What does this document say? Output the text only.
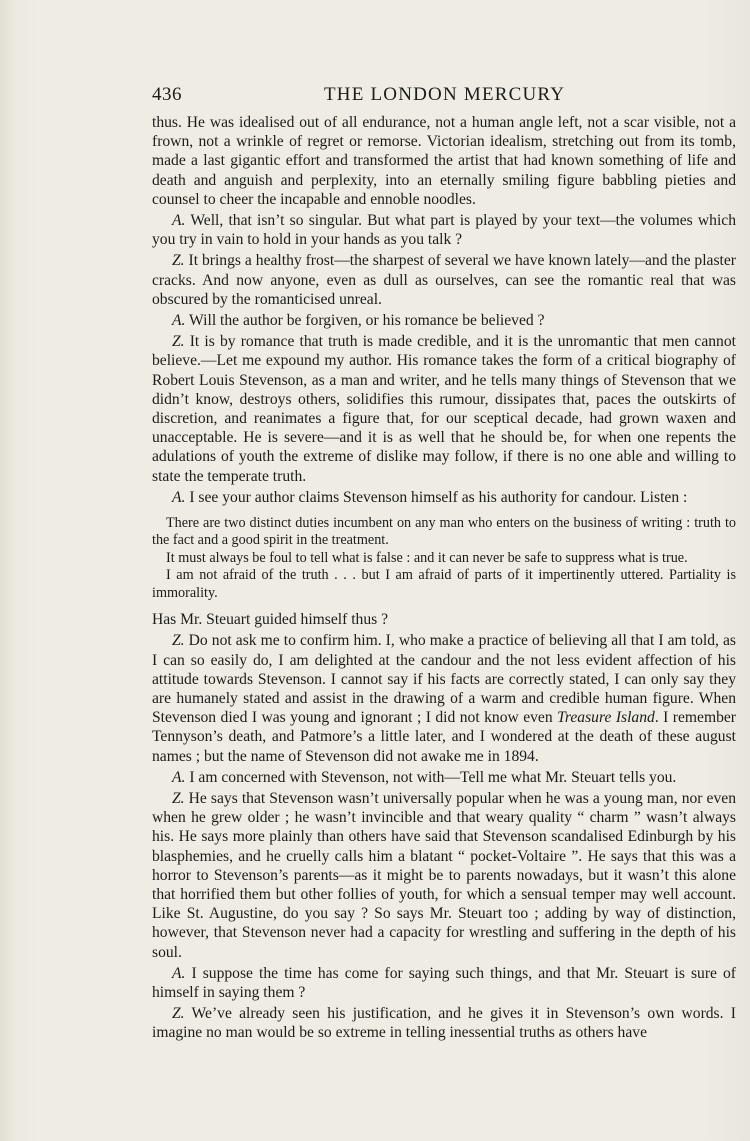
436	THE LONDON MERCURY

thus. He was idealised out of all endurance, not a human angle left, not a scar visible, not a frown, not a wrinkle of regret or remorse. Victorian idealism, stretching out from its tomb, made a last gigantic effort and transformed the artist that had known something of life and death and anguish and perplexity, into an eternally smiling figure babbling pieties and counsel to cheer the incapable and ennoble noodles.

A. Well, that isn’t so singular. But what part is played by your text—the volumes which you try in vain to hold in your hands as you talk ?

Z. It brings a healthy frost—the sharpest of several we have known lately—and the plaster cracks. And now anyone, even as dull as ourselves, can see the romantic real that was obscured by the romanticised unreal.

A. Will the author be forgiven, or his romance be believed ?

Z. It is by romance that truth is made credible, and it is the unromantic that men cannot believe.—Let me expound my author. His romance takes the form of a critical biography of Robert Louis Stevenson, as a man and writer, and he tells many things of Stevenson that we didn’t know, destroys others, solidifies this rumour, dissipates that, paces the outskirts of discretion, and reanimates a figure that, for our sceptical decade, had grown waxen and unacceptable. He is severe—and it is as well that he should be, for when one repents the adulations of youth the extreme of dislike may follow, if there is no one able and willing to state the temperate truth.

A. I see your author claims Stevenson himself as his authority for candour. Listen :

There are two distinct duties incumbent on any man who enters on the business of writing : truth to the fact and a good spirit in the treatment.

It must always be foul to tell what is false : and it can never be safe to suppress what is true.

I am not afraid of the truth . . . but I am afraid of parts of it impertinently uttered. Partiality is immorality.

Has Mr. Steuart guided himself thus ?

Z. Do not ask me to confirm him. I, who make a practice of believing all that I am told, as I can so easily do, I am delighted at the candour and the not less evident affection of his attitude towards Stevenson. I cannot say if his facts are correctly stated, I can only say they are humanely stated and assist in the drawing of a warm and credible human figure. When Stevenson died I was young and ignorant ; I did not know even Treasure Island. I remember Tennyson’s death, and Patmore’s a little later, and I wondered at the death of these august names ; but the name of Stevenson did not awake me in 1894.

A. I am concerned with Stevenson, not with—Tell me what Mr. Steuart tells you.

Z. He says that Stevenson wasn’t universally popular when he was a young man, nor even when he grew older ; he wasn’t invincible and that weary quality “ charm ” wasn’t always his. He says more plainly than others have said that Stevenson scandalised Edinburgh by his blasphemies, and he cruelly calls him a blatant “ pocket-Voltaire ”. He says that this was a horror to Stevenson’s parents—as it might be to parents nowadays, but it wasn’t this alone that horrified them but other follies of youth, for which a sensual temper may well account. Like St. Augustine, do you say ? So says Mr. Steuart too ; adding by way of distinction, however, that Stevenson never had a capacity for wrestling and suffering in the depth of his soul.

A. I suppose the time has come for saying such things, and that Mr. Steuart is sure of himself in saying them ?

Z. We’ve already seen his justification, and he gives it in Stevenson’s own words. I imagine no man would be so extreme in telling inessential truths as others have
